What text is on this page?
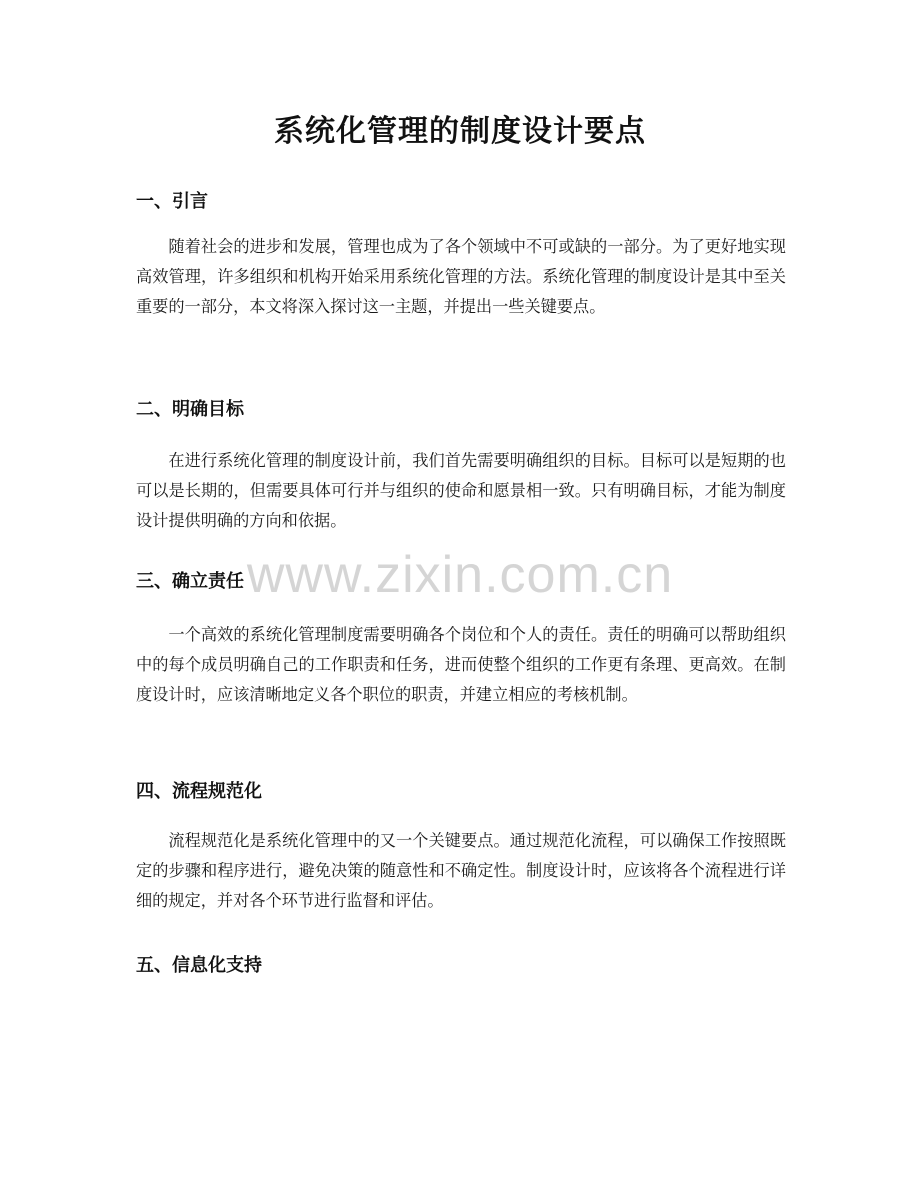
系统化管理的制度设计要点
一、引言
随着社会的进步和发展，管理也成为了各个领域中不可或缺的一部分。为了更好地实现高效管理，许多组织和机构开始采用系统化管理的方法。系统化管理的制度设计是其中至关重要的一部分，本文将深入探讨这一主题，并提出一些关键要点。
二、明确目标
在进行系统化管理的制度设计前，我们首先需要明确组织的目标。目标可以是短期的也可以是长期的，但需要具体可行并与组织的使命和愿景相一致。只有明确目标，才能为制度设计提供明确的方向和依据。
三、确立责任
一个高效的系统化管理制度需要明确各个岗位和个人的责任。责任的明确可以帮助组织中的每个成员明确自己的工作职责和任务，进而使整个组织的工作更有条理、更高效。在制度设计时，应该清晰地定义各个职位的职责，并建立相应的考核机制。
四、流程规范化
流程规范化是系统化管理中的又一个关键要点。通过规范化流程，可以确保工作按照既定的步骤和程序进行，避免决策的随意性和不确定性。制度设计时，应该将各个流程进行详细的规定，并对各个环节进行监督和评估。
五、信息化支持
www.zixin.com.cn
